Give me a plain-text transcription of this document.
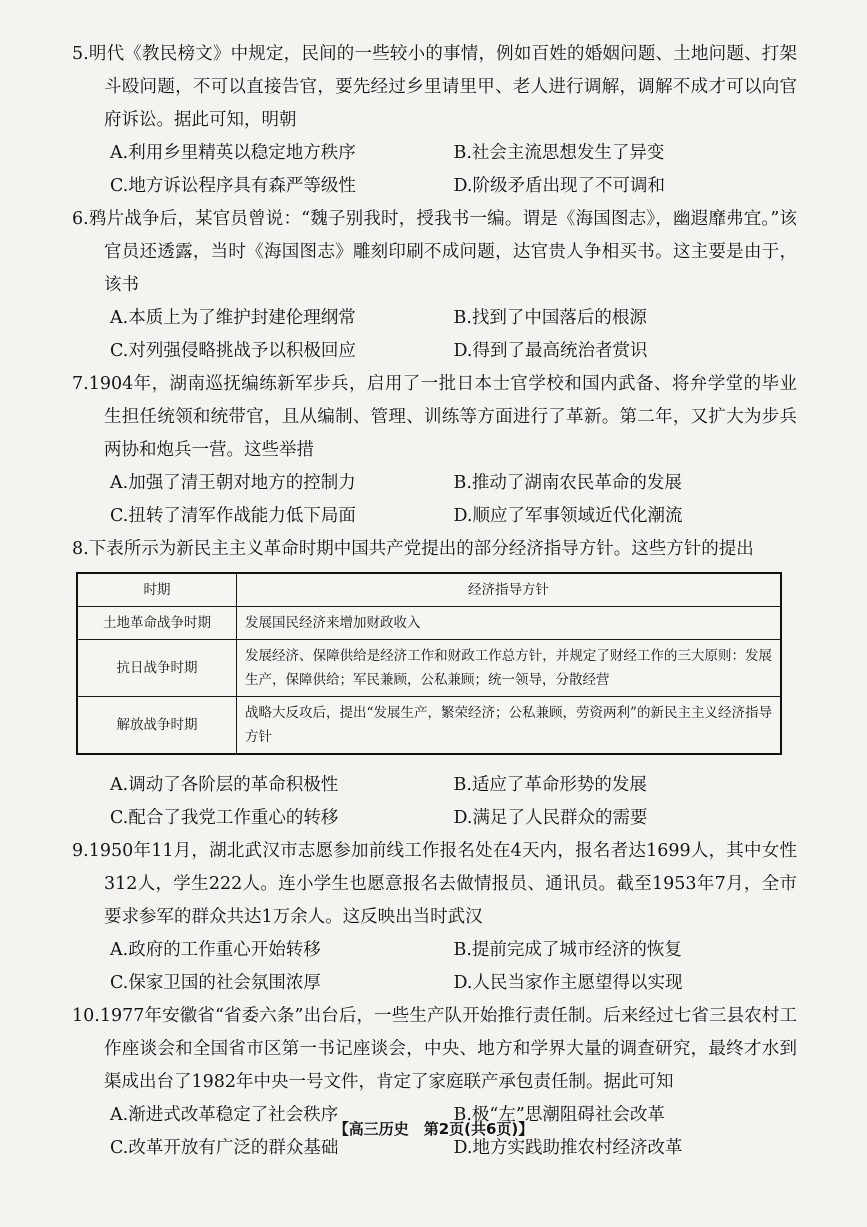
5.明代《教民榜文》中规定，民间的一些较小的事情，例如百姓的婚姻问题、土地问题、打架斗殴问题，不可以直接告官，要先经过乡里请里甲、老人进行调解，调解不成才可以向官府诉讼。据此可知，明朝

A.利用乡里精英以稳定地方秩序	B.社会主流思想发生了异变
C.地方诉讼程序具有森严等级性	D.阶级矛盾出现了不可调和

6.鸦片战争后，某官员曾说：“魏子别我时，授我书一编。谓是《海国图志》，幽遐靡弗宜。”该官员还透露，当时《海国图志》雕刻印刷不成问题，达官贵人争相买书。这主要是由于，该书

A.本质上为了维护封建伦理纲常	B.找到了中国落后的根源
C.对列强侵略挑战予以积极回应	D.得到了最高统治者赏识

7.1904年，湖南巡抚编练新军步兵，启用了一批日本士官学校和国内武备、将弁学堂的毕业生担任统领和统带官，且从编制、管理、训练等方面进行了革新。第二年，又扩大为步兵两协和炮兵一营。这些举措

A.加强了清王朝对地方的控制力	B.推动了湖南农民革命的发展
C.扭转了清军作战能力低下局面	D.顺应了军事领域近代化潮流

8.下表所示为新民主主义革命时期中国共产党提出的部分经济指导方针。这些方针的提出

时期	经济指导方针
土地革命战争时期	发展国民经济来增加财政收入
抗日战争时期	发展经济、保障供给是经济工作和财政工作总方针，并规定了财经工作的三大原则：发展生产，保障供给；军民兼顾，公私兼顾；统一领导，分散经营
解放战争时期	战略大反攻后，提出“发展生产，繁荣经济；公私兼顾，劳资两利”的新民主主义经济指导方针
A.调动了各阶层的革命积极性	B.适应了革命形势的发展
C.配合了我党工作重心的转移	D.满足了人民群众的需要

9.1950年11月，湖北武汉市志愿参加前线工作报名处在4天内，报名者达1699人，其中女性312人，学生222人。连小学生也愿意报名去做情报员、通讯员。截至1953年7月，全市要求参军的群众共达1万余人。这反映出当时武汉

A.政府的工作重心开始转移	B.提前完成了城市经济的恢复
C.保家卫国的社会氛围浓厚	D.人民当家作主愿望得以实现

10.1977年安徽省“省委六条”出台后，一些生产队开始推行责任制。后来经过七省三县农村工作座谈会和全国省市区第一书记座谈会，中央、地方和学界大量的调查研究，最终才水到渠成出台了1982年中央一号文件，肯定了家庭联产承包责任制。据此可知

A.渐进式改革稳定了社会秩序	B.极“左”思潮阻碍社会改革
C.改革开放有广泛的群众基础	D.地方实践助推农村经济改革
【高三历史　第2页(共6页)】
